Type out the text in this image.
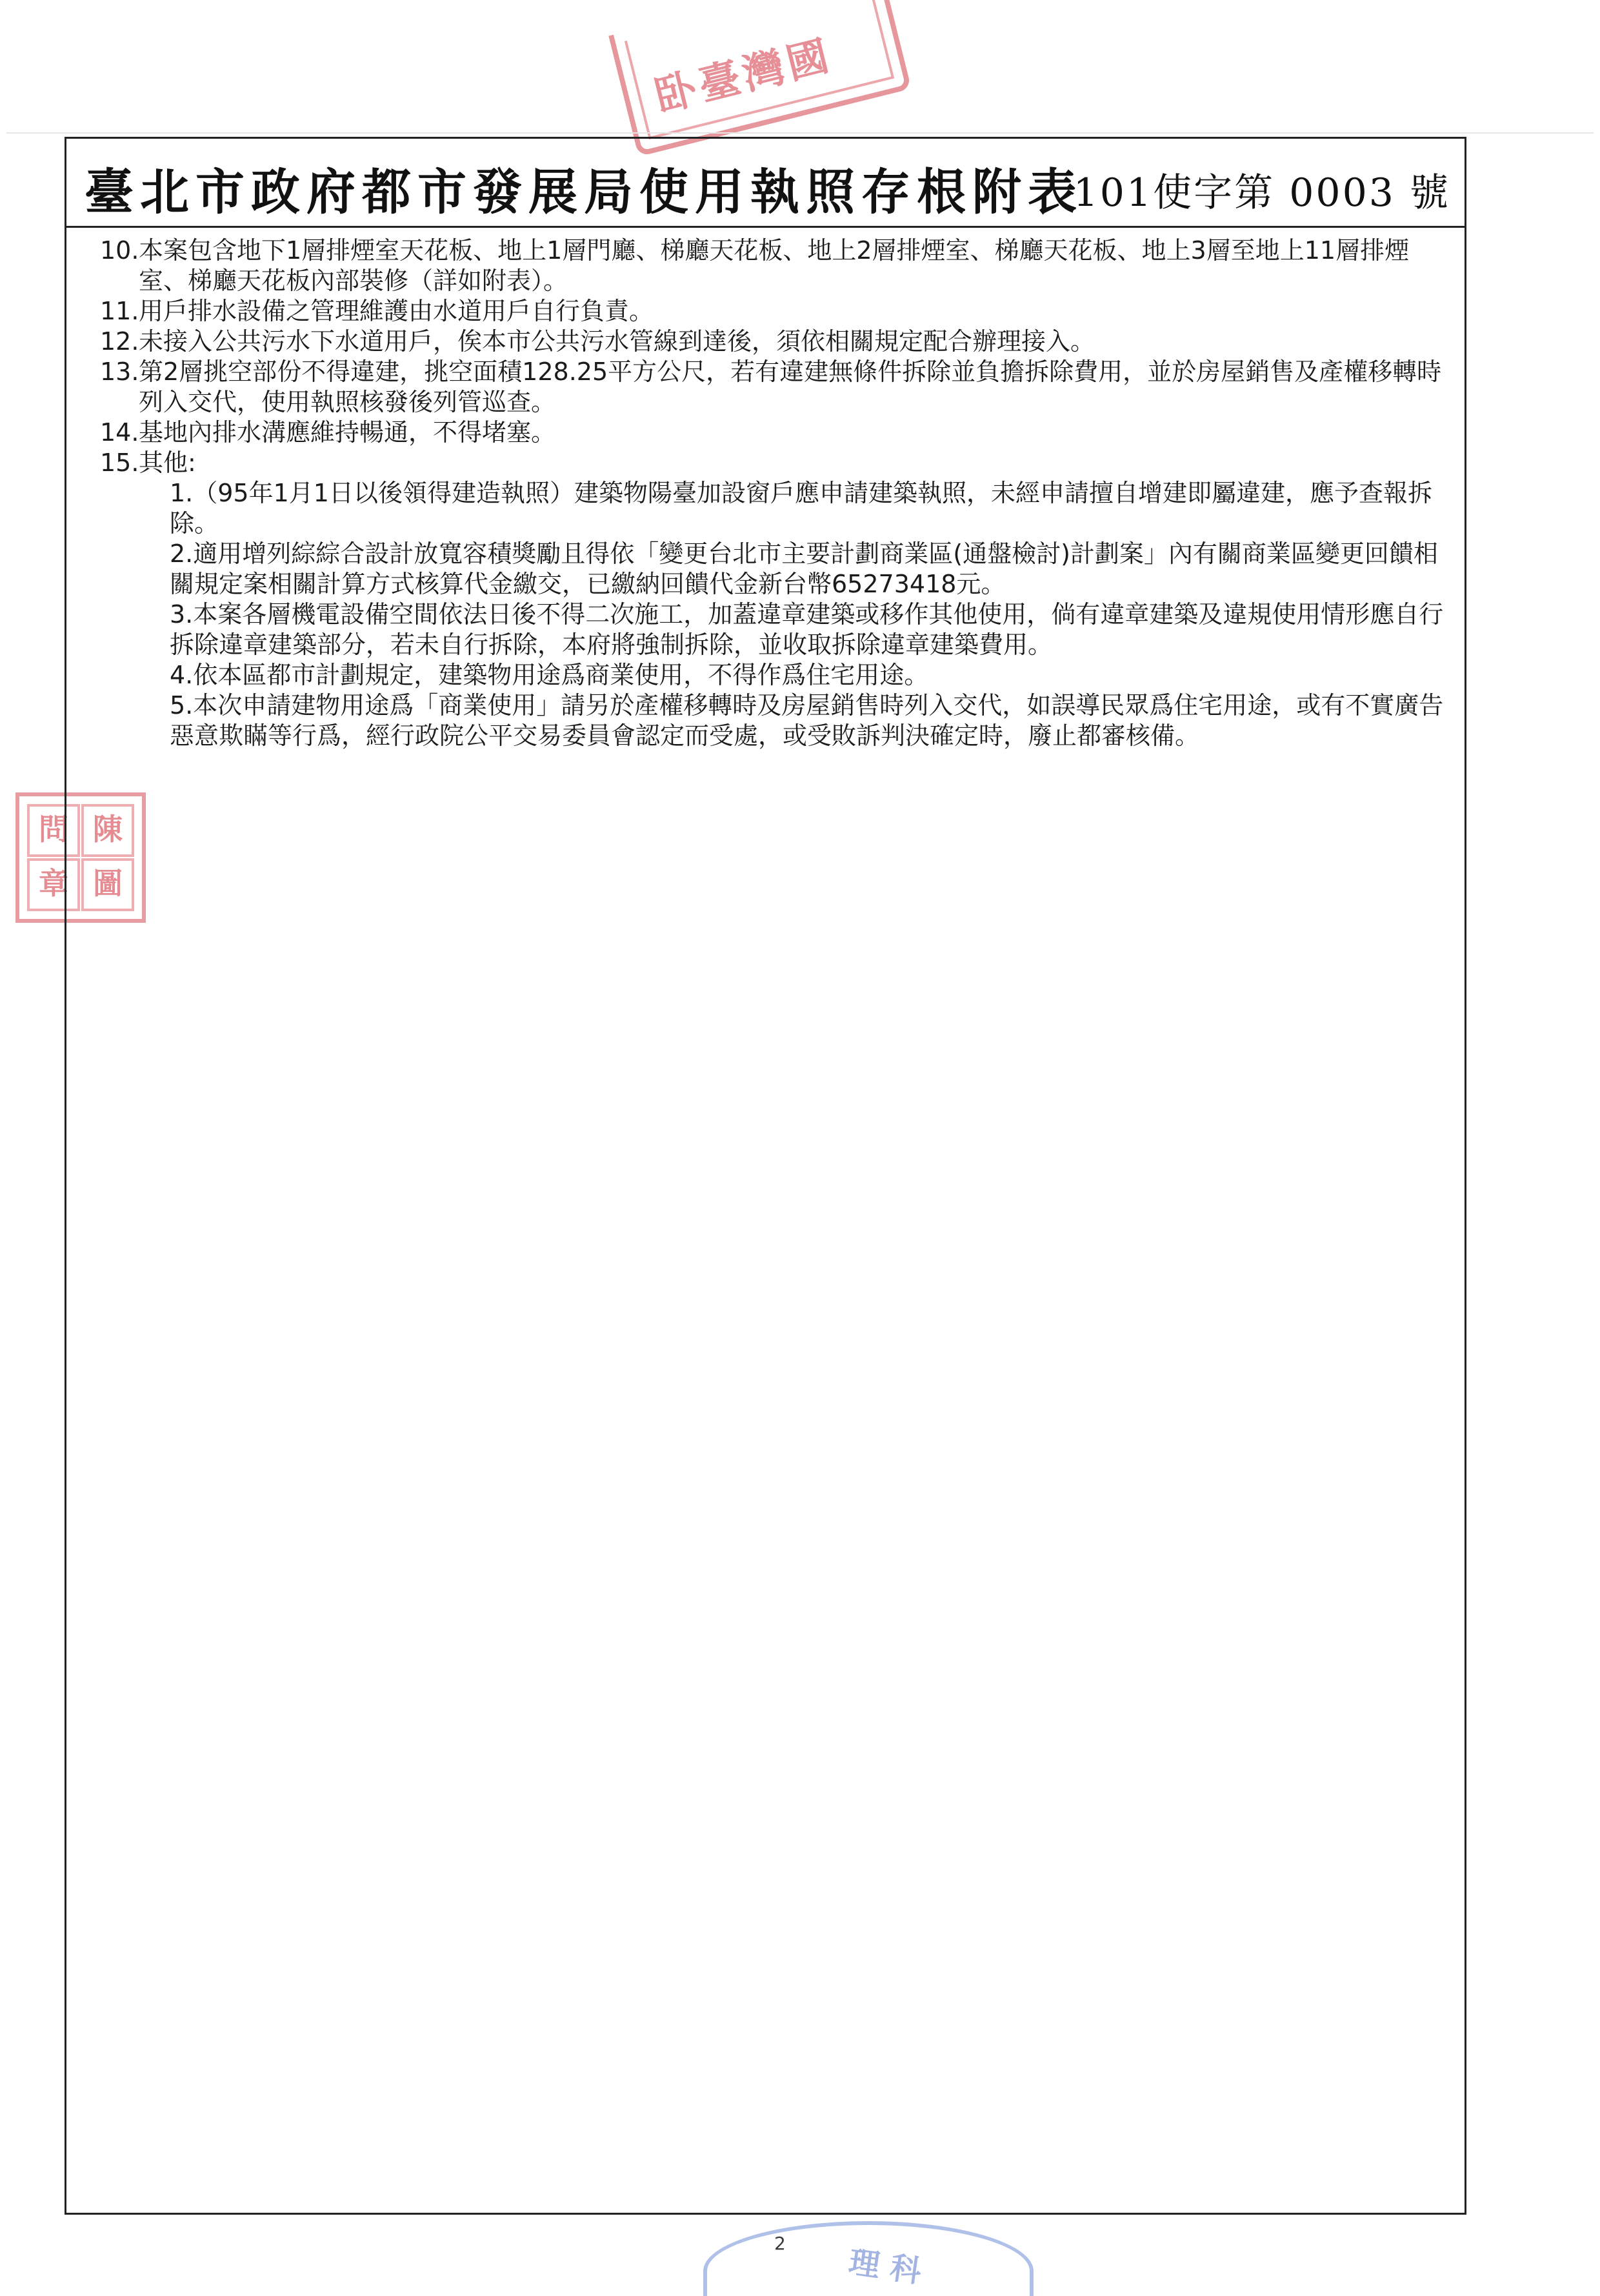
卧臺灣國
問 陳
章 圖
臺北市政府都市發展局使用執照存根附表
101使字第 0003 號

10. 本案包含地下1層排煙室天花板、地上1層門廳、梯廳天花板、地上2層排煙室、梯廳天花板、地上3層至地上11層排煙室、梯廳天花板內部裝修（詳如附表）。

11. 用戶排水設備之管理維護由水道用戶自行負責。

12. 未接入公共污水下水道用戶，俟本市公共污水管線到達後，須依相關規定配合辦理接入。

13. 第2層挑空部份不得違建，挑空面積128.25平方公尺，若有違建無條件拆除並負擔拆除費用，並於房屋銷售及產權移轉時列入交代，使用執照核發後列管巡查。

14. 基地內排水溝應維持暢通，不得堵塞。

15. 其他:

1.（95年1月1日以後領得建造執照）建築物陽臺加設窗戶應申請建築執照，未經申請擅自增建即屬違建，應予查報拆除。

2.適用增列綜綜合設計放寬容積獎勵且得依「變更台北市主要計劃商業區(通盤檢討)計劃案」內有關商業區變更回饋相關規定案相關計算方式核算代金繳交，已繳納回饋代金新台幣65273418元。

3.本案各層機電設備空間依法日後不得二次施工，加蓋違章建築或移作其他使用，倘有違章建築及違規使用情形應自行拆除違章建築部分，若未自行拆除，本府將強制拆除，並收取拆除違章建築費用。

4.依本區都市計劃規定，建築物用途爲商業使用，不得作爲住宅用途。

5.本次申請建物用途爲「商業使用」請另於產權移轉時及房屋銷售時列入交代，如誤導民眾爲住宅用途，或有不實廣告惡意欺瞞等行爲，經行政院公平交易委員會認定而受處，或受敗訴判決確定時，廢止都審核備。

理 科
2
